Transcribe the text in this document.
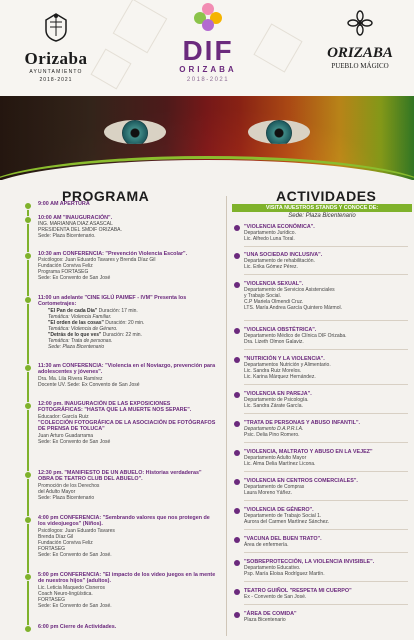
Orizaba
AYUNTAMIENTO
2018-2021
DIF
ORIZABA
2018-2021
ORIZABA
PUEBLO MÁGICO
PROGRAMA	ACTIVIDADES
9:00 AM APERTURA
10:00 AM "INAUGURACIÓN".
ING. MARIANNA DIAZ ASASCAL
PRESIDENTA DEL SMDIF ORIZABA.
Sede: Plaza Bicentenario.
10:30 am CONFERENCIA: "Prevención Violencia Escolar".
Psicólogos: Juan Eduardo Tavares y Brenda Díaz Gil
Fundación Conviva Feliz
Programa FORTASEG
Sede: Ex Convento de San José
11:00 un adelante "CINE IGLÚ PAIMEF - IVM" Presenta los Cortometrajes:
"El Pan de cada Día" Duración: 17 min.
Temática: Violencia Familiar.
"El orden de las cosas" Duración: 20 min.
Temática: Violencia de Género.
"Detrás de lo que ves" Duración: 22 min.
Temática: Trata de personas.
Sede: Plaza Bicentenario
11:30 am CONFERENCIA: "Violencia en el Noviazgo, prevención para adolescentes y jóvenes".
Dra. Ma. Lila Rivera Ramírez
Docente UV. Sede: Ex Convento de San José
12:00 pm. INAUGURACIÓN DE LAS EXPOSICIONES FOTOGRÁFICAS: "HASTA QUE LA MUERTE NOS SEPARE".
Educador: García Ruiz
"COLECCIÓN FOTOGRÁFICA DE LA ASOCIACIÓN DE FOTÓGRAFOS DE PRENSA DE TOLUCA"
Juan Arturo Guadarrama
Sede: Ex Convento de San José
12:30 pm. "MANIFIESTO DE UN ABUELO: Historias verdaderas" OBRA DE TEATRO CLUB DEL ABUELO".
Promoción de los Derechos
del Adulto Mayor
Sede: Plaza Bicentenario
4:00 pm CONFERENCIA: "Sembrando valores que nos protegen de los videojuegos" (Niños).
Psicólogos: Juan Eduardo Tavares
Brenda Díaz Gil
Fundación Conviva Feliz
FORTASEG
Sede: Ex Convento de San José.
5:00 pm CONFERENCIA: "El impacto de los video juegos en la mente de nuestros hijos" (adultos).
Lic. Leticia Maquedo Cisneros
Coach Neuro-lingüística.
FORTASEG
Sede: Ex Convento de San José.
6:00 pm Cierre de Actividades.
VISITA NUESTROS STANDS Y CONOCE DE:
Sede: Plaza Bicentenario
"VIOLENCIA ECONÓMICA".
Departamento Jurídico.
Lic. Alfredo Luna Toral.
"UNA SOCIEDAD INCLUSIVA".
Departamento de rehabilitación.
Lic. Erika Gómez Pérez.
"VIOLENCIA SEXUAL".
Departamento de Servicios Asistenciales
y Trabajo Social.
C.P Mariela Olmendi Cruz.
LTS. María Andrea García Quintero Mármol.
"VIOLENCIA OBSTÉTRICA".
Departamento Médico de Clínica DIF Orizaba.
Dra. Lizeth Olmon Galaviz.
"NUTRICIÓN Y LA VIOLENCIA".
Departamentos Nutrición y Alimentario.
Lic. Sandra Ruiz Morelos.
Lic. Karina Márquez Hernández.
"VIOLENCIA EN PAREJA".
Departamento de Psicología.
Lic. Sandra Zárate García.
"TRATA DE PERSONAS Y ABUSO INFANTIL".
Departamento D.A.P.R.I.A.
Psic. Delia Pino Romero.
"VIOLENCIA, MALTRATO Y ABUSO EN LA VEJEZ"
Departamento Adulto Mayor
Lic. Alma Delia Martínez Licona.
"VIOLENCIA EN CENTROS COMERCIALES".
Departamento de Compras
Laura Moreno Yáñez.
"VIOLENCIA DE GÉNERO".
Departamento de Trabajo Social 1.
Aurora del Carmen Martínez Sánchez.
"VACUNA DEL BUEN TRATO".
Área de enfermería.
"SOBREPROTECCIÓN, LA VIOLENCIA INVISIBLE".
Departamento Educativo.
Psp. María Eloisa Rodríguez Martín.
TEATRO GUIÑOL "RESPETA MI CUERPO"
Ex - Convento de San José.
"ÁREA DE COMIDA"
Plaza Bicentenario
